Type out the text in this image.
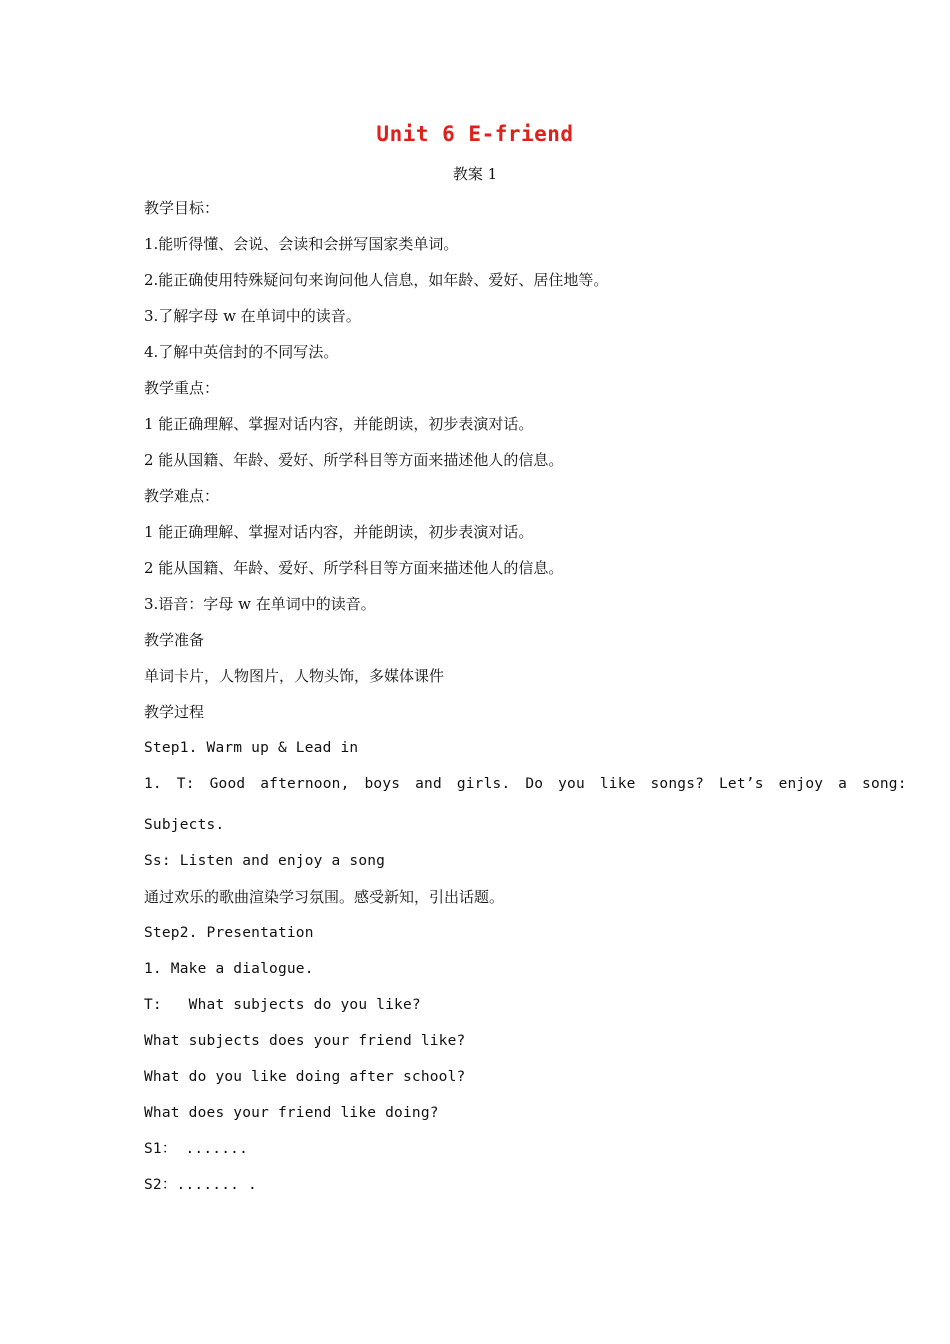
Unit 6 E-friend
教案 1
教学目标：
1.能听得懂、会说、会读和会拼写国家类单词。
2.能正确使用特殊疑问句来询问他人信息，如年龄、爱好、居住地等。
3.了解字母 w 在单词中的读音。
4.了解中英信封的不同写法。
教学重点：
1 能正确理解、掌握对话内容，并能朗读，初步表演对话。
2 能从国籍、年龄、爱好、所学科目等方面来描述他人的信息。
教学难点：
1 能正确理解、掌握对话内容，并能朗读，初步表演对话。
2 能从国籍、年龄、爱好、所学科目等方面来描述他人的信息。
3.语音：字母 w 在单词中的读音。
教学准备
单词卡片，人物图片，人物头饰，多媒体课件
教学过程
Step1. Warm up & Lead in
1. T: Good afternoon, boys and girls. Do you like songs? Let’s enjoy a song:
Subjects.
Ss: Listen and enjoy a song
通过欢乐的歌曲渲染学习氛围。感受新知，引出话题。
Step2. Presentation
1. Make a dialogue.
T:   What subjects do you like?
What subjects does your friend like?
What do you like doing after school?
What does your friend like doing?
S1： .......
S2：....... .
